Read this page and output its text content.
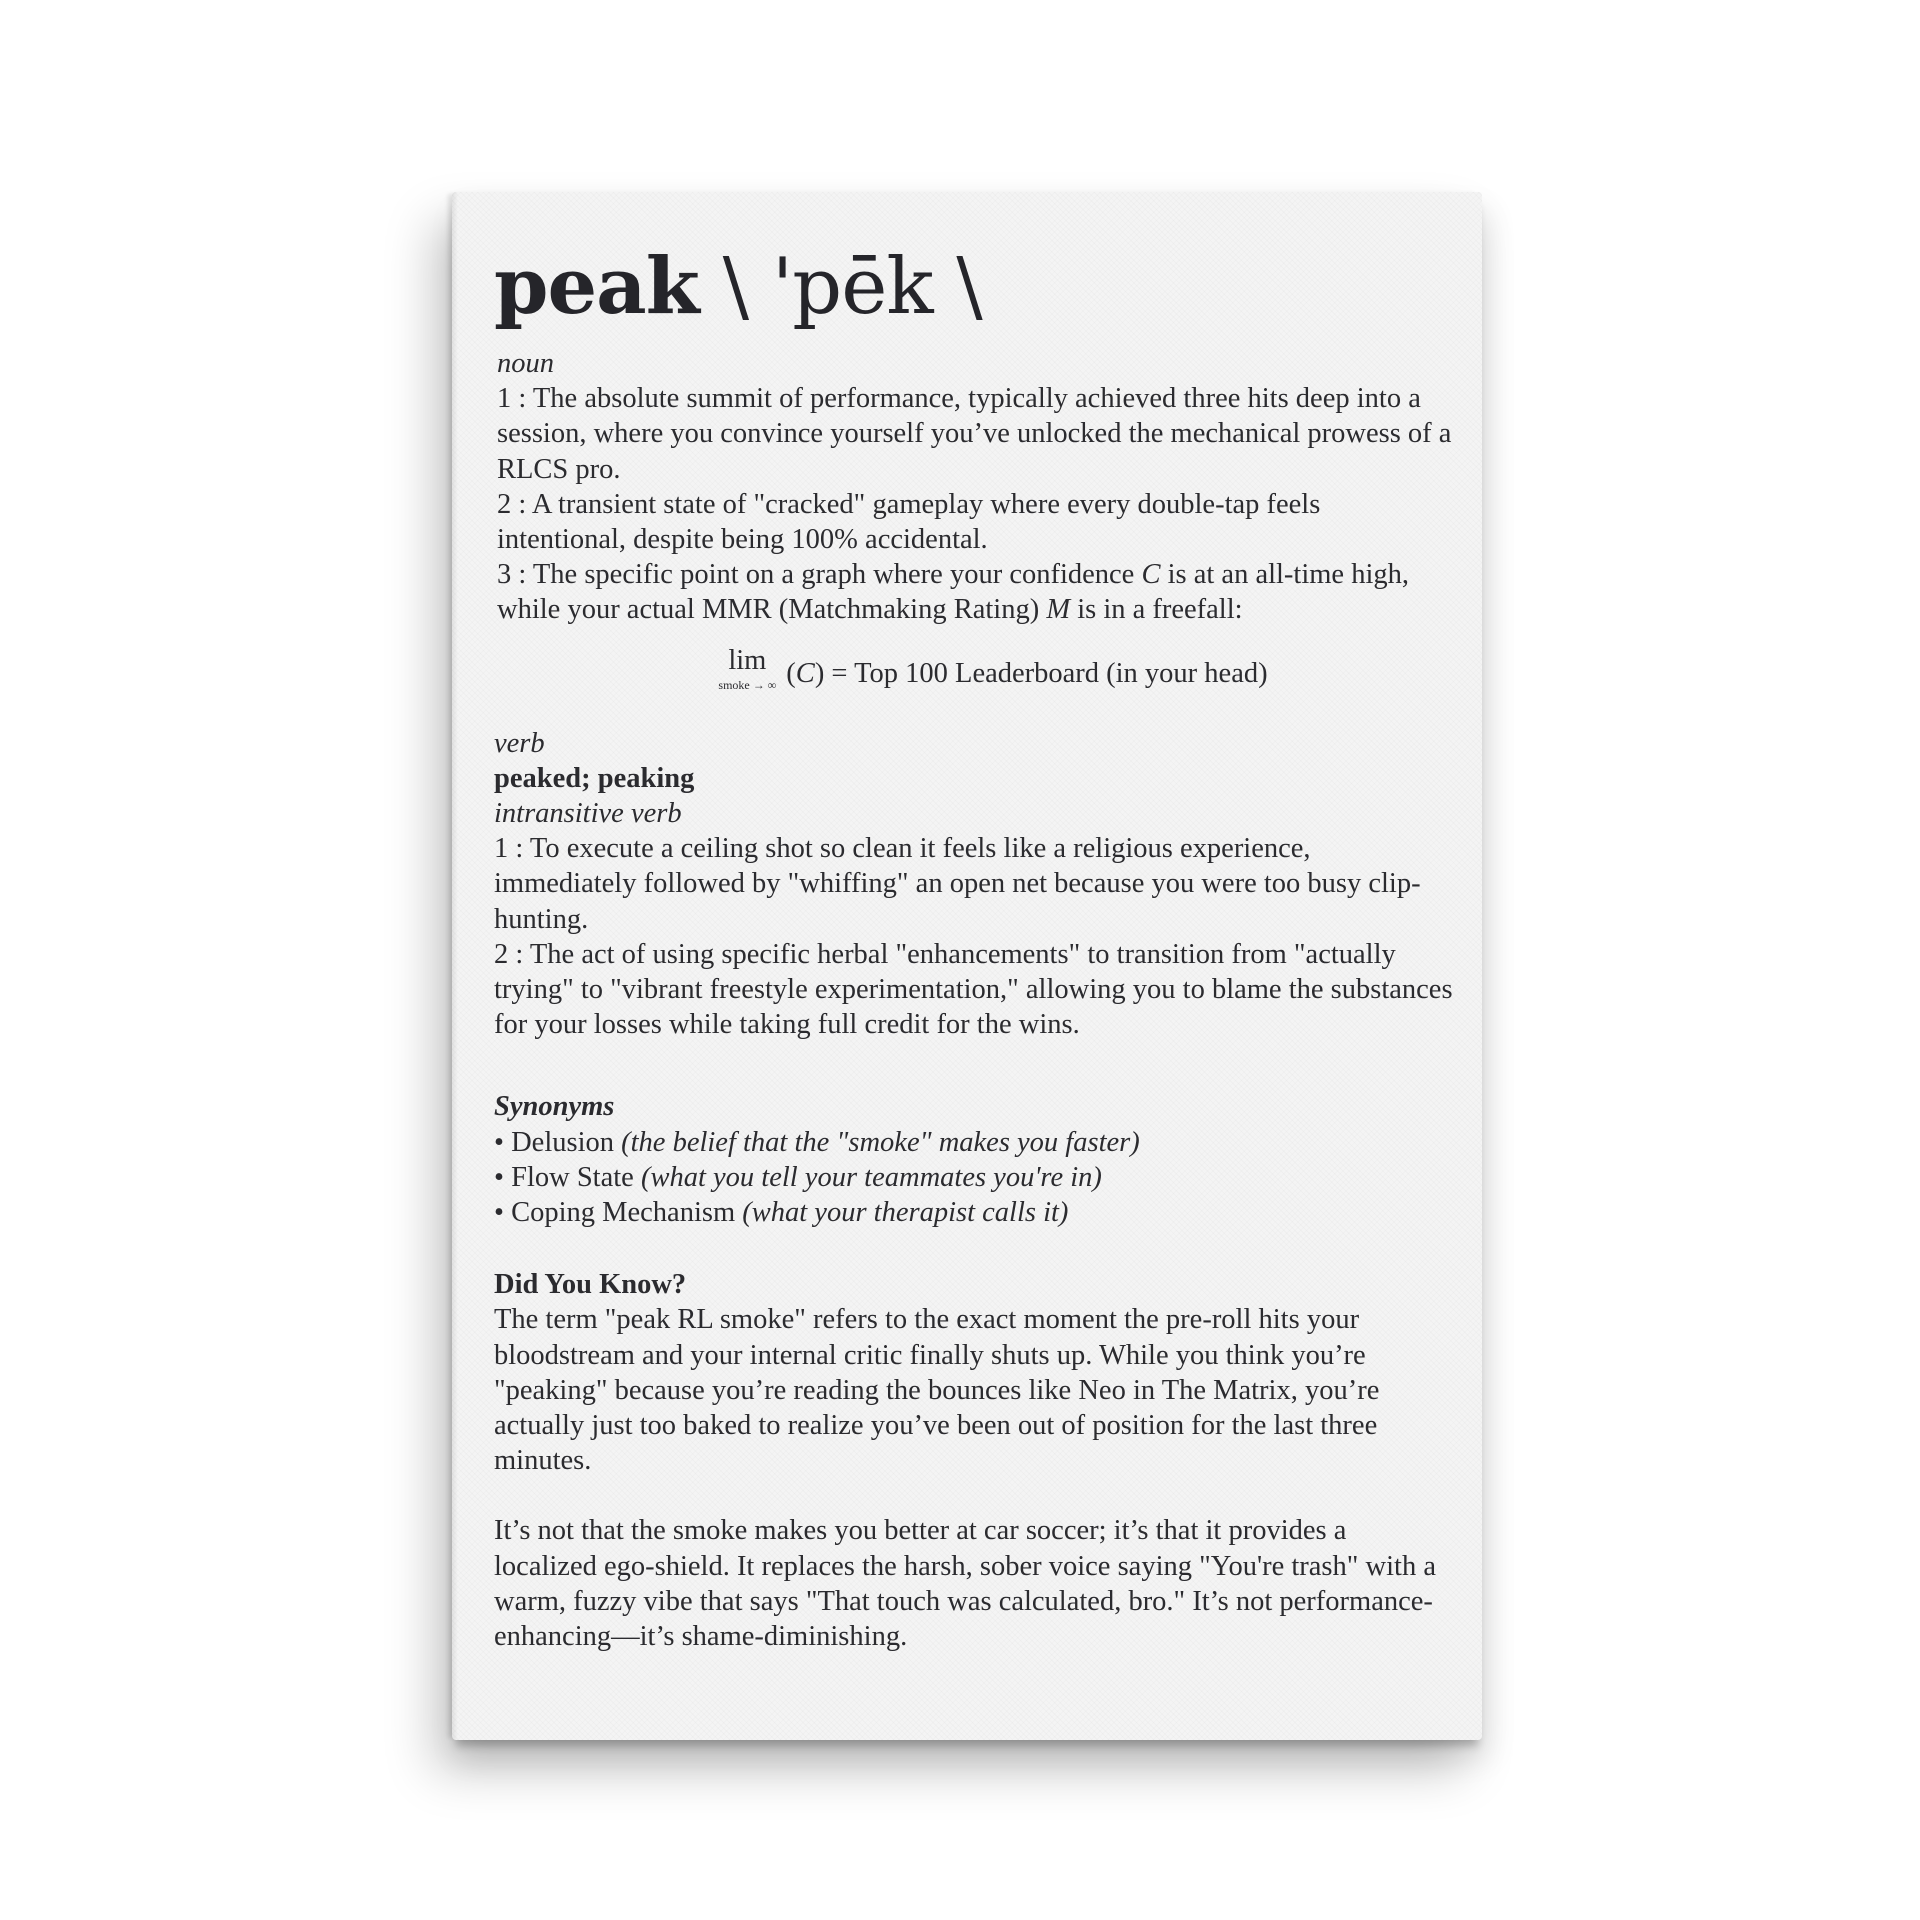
peak \ 'pēk \
noun
1 : The absolute summit of performance, typically achieved three hits deep into a session, where you convince yourself you’ve unlocked the mechanical prowess of a RLCS pro.
2 : A transient state of "cracked" gameplay where every double-tap feels intentional, despite being 100% accidental.
3 : The specific point on a graph where your confidence C is at an all-time high, while your actual MMR (Matchmaking Rating) M is in a freefall:
lim
smoke → ∞ (C) = Top 100 Leaderboard (in your head)
verb
peaked; peaking
intransitive verb
1 : To execute a ceiling shot so clean it feels like a religious experience, immediately followed by "whiffing" an open net because you were too busy clip-hunting.
2 : The act of using specific herbal "enhancements" to transition from "actually trying" to "vibrant freestyle experimentation," allowing you to blame the substances for your losses while taking full credit for the wins.
Synonyms
• Delusion (the belief that the "smoke" makes you faster)
• Flow State (what you tell your teammates you're in)
• Coping Mechanism (what your therapist calls it)
Did You Know?
The term "peak RL smoke" refers to the exact moment the pre-roll hits your bloodstream and your internal critic finally shuts up. While you think you’re "peaking" because you’re reading the bounces like Neo in The Matrix, you’re actually just too baked to realize you’ve been out of position for the last three minutes.
It’s not that the smoke makes you better at car soccer; it’s that it provides a localized ego-shield. It replaces the harsh, sober voice saying "You're trash" with a warm, fuzzy vibe that says "That touch was calculated, bro." It’s not performance-enhancing—it’s shame-diminishing.
